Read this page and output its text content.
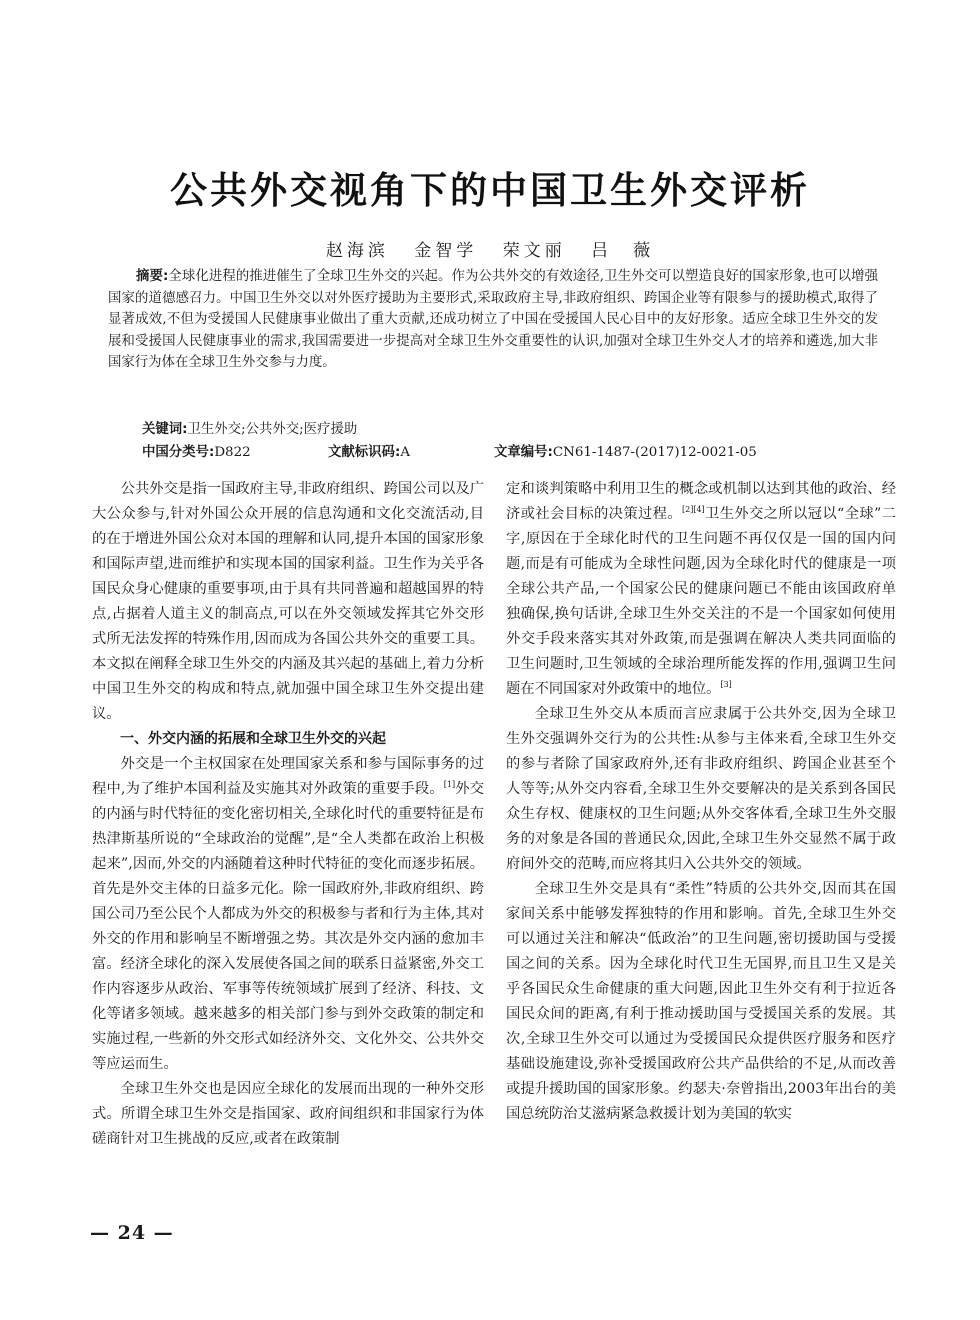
公共外交视角下的中国卫生外交评析
赵海滨 金智学 荣文丽 吕　薇

摘要:全球化进程的推进催生了全球卫生外交的兴起。作为公共外交的有效途径,卫生外交可以塑造良好的国家形象,也可以增强国家的道德感召力。中国卫生外交以对外医疗援助为主要形式,采取政府主导,非政府组织、跨国企业等有限参与的援助模式,取得了显著成效,不但为受援国人民健康事业做出了重大贡献,还成功树立了中国在受援国人民心目中的友好形象。适应全球卫生外交的发展和受援国人民健康事业的需求,我国需要进一步提高对全球卫生外交重要性的认识,加强对全球卫生外交人才的培养和遴选,加大非国家行为体在全球卫生外交参与力度。

关键词:卫生外交;公共外交;医疗援助

中国分类号:D822	文献标识码:A	文章编号:CN61-1487-(2017)12-0021-05

公共外交是指一国政府主导,非政府组织、跨国公司以及广大公众参与,针对外国公众开展的信息沟通和文化交流活动,目的在于增进外国公众对本国的理解和认同,提升本国的国家形象和国际声望,进而维护和实现本国的国家利益。卫生作为关乎各国民众身心健康的重要事项,由于具有共同普遍和超越国界的特点,占据着人道主义的制高点,可以在外交领域发挥其它外交形式所无法发挥的特殊作用,因而成为各国公共外交的重要工具。本文拟在阐释全球卫生外交的内涵及其兴起的基础上,着力分析中国卫生外交的构成和特点,就加强中国全球卫生外交提出建议。

一、外交内涵的拓展和全球卫生外交的兴起

外交是一个主权国家在处理国家关系和参与国际事务的过程中,为了维护本国利益及实施其对外政策的重要手段。[1]外交的内涵与时代特征的变化密切相关,全球化时代的重要特征是布热津斯基所说的“全球政治的觉醒”,是“全人类都在政治上积极起来”,因而,外交的内涵随着这种时代特征的变化而逐步拓展。首先是外交主体的日益多元化。除一国政府外,非政府组织、跨国公司乃至公民个人都成为外交的积极参与者和行为主体,其对外交的作用和影响呈不断增强之势。其次是外交内涵的愈加丰富。经济全球化的深入发展使各国之间的联系日益紧密,外交工作内容逐步从政治、军事等传统领域扩展到了经济、科技、文化等诸多领域。越来越多的相关部门参与到外交政策的制定和实施过程,一些新的外交形式如经济外交、文化外交、公共外交等应运而生。

全球卫生外交也是因应全球化的发展而出现的一种外交形式。所谓全球卫生外交是指国家、政府间组织和非国家行为体磋商针对卫生挑战的反应,或者在政策制

定和谈判策略中利用卫生的概念或机制以达到其他的政治、经济或社会目标的决策过程。[2][4]卫生外交之所以冠以“全球”二字,原因在于全球化时代的卫生问题不再仅仅是一国的国内问题,而是有可能成为全球性问题,因为全球化时代的健康是一项全球公共产品,一个国家公民的健康问题已不能由该国政府单独确保,换句话讲,全球卫生外交关注的不是一个国家如何使用外交手段来落实其对外政策,而是强调在解决人类共同面临的卫生问题时,卫生领域的全球治理所能发挥的作用,强调卫生问题在不同国家对外政策中的地位。[3]

全球卫生外交从本质而言应隶属于公共外交,因为全球卫生外交强调外交行为的公共性:从参与主体来看,全球卫生外交的参与者除了国家政府外,还有非政府组织、跨国企业甚至个人等等;从外交内容看,全球卫生外交要解决的是关系到各国民众生存权、健康权的卫生问题;从外交客体看,全球卫生外交服务的对象是各国的普通民众,因此,全球卫生外交显然不属于政府间外交的范畴,而应将其归入公共外交的领域。

全球卫生外交是具有“柔性”特质的公共外交,因而其在国家间关系中能够发挥独特的作用和影响。首先,全球卫生外交可以通过关注和解决“低政治”的卫生问题,密切援助国与受援国之间的关系。因为全球化时代卫生无国界,而且卫生又是关乎各国民众生命健康的重大问题,因此卫生外交有利于拉近各国民众间的距离,有利于推动援助国与受援国关系的发展。其次,全球卫生外交可以通过为受援国民众提供医疗服务和医疗基础设施建设,弥补受援国政府公共产品供给的不足,从而改善或提升援助国的国家形象。约瑟夫·奈曾指出,2003年出台的美国总统防治艾滋病紧急救援计划为美国的软实

— 24 —
